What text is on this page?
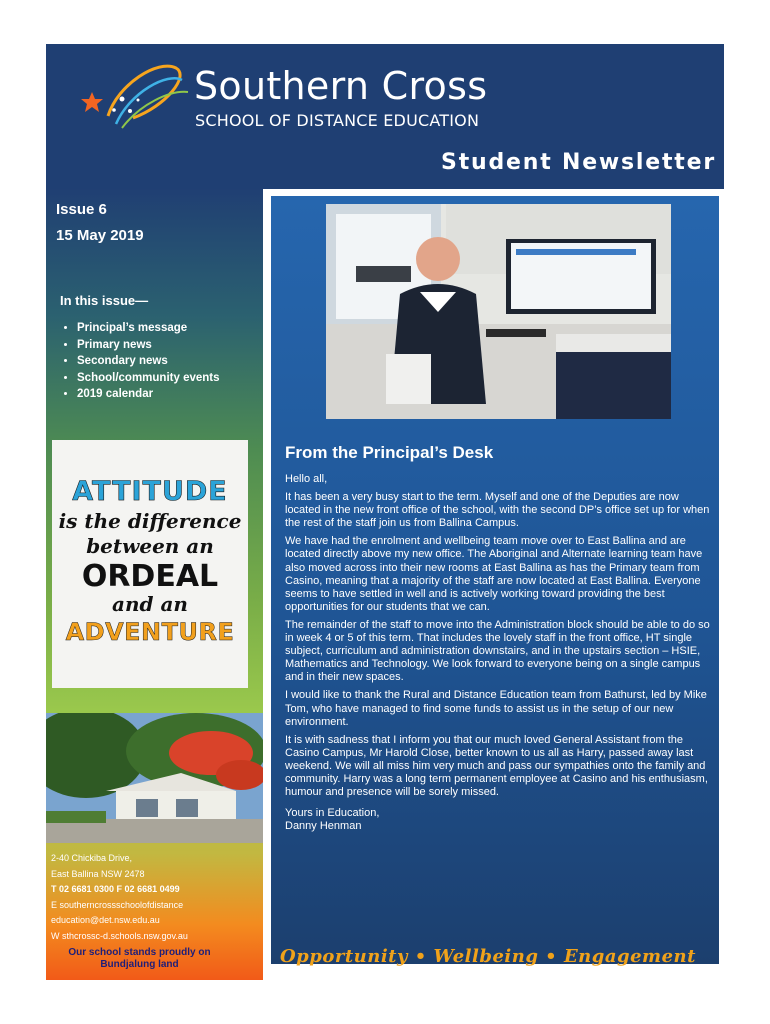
Southern Cross
SCHOOL OF DISTANCE EDUCATION
Student Newsletter
Issue 6
15 May 2019
In this issue—
• Principal’s message
• Primary news
• Secondary news
• School/community events
• 2019 calendar
ATTITUDE
is the difference
between an
ORDEAL
and an
ADVENTURE
2-40 Chickiba Drive,
East Ballina NSW 2478
T 02 6681 0300 F 02 6681 0499
E southerncrossschoolofdistance
education@det.nsw.edu.au
W sthcrossc-d.schools.nsw.gov.au
Our school stands proudly on Bundjalung land
From the Principal’s Desk

Hello all,

It has been a very busy start to the term. Myself and one of the Deputies are now located in the new front office of the school, with the second DP’s office set up for when the rest of the staff join us from Ballina Campus.

We have had the enrolment and wellbeing team move over to East Ballina and are located directly above my new office. The Aboriginal and Alternate learning team have also moved across into their new rooms at East Ballina as has the Primary team from Casino, meaning that a majority of the staff are now located at East Ballina. Everyone seems to have settled in well and is actively working toward providing the best opportunities for our students that we can.

The remainder of the staff to move into the Administration block should be able to do so in week 4 or 5 of this term. That includes the lovely staff in the front office, HT single subject, curriculum and administration downstairs, and in the upstairs section – HSIE, Mathematics and Technology. We look forward to everyone being on a single campus and in their new spaces.

I would like to thank the Rural and Distance Education team from Bathurst, led by Mike Tom, who have managed to find some funds to assist us in the setup of our new environment.

It is with sadness that I inform you that our much loved General Assistant from the Casino Campus, Mr Harold Close, better known to us all as Harry, passed away last weekend. We will all miss him very much and pass our sympathies onto the family and community. Harry was a long term permanent employee at Casino and his enthusiasm, humour and presence will be sorely missed.

Yours in Education,
Danny Henman
Opportunity • Wellbeing • Engagement
